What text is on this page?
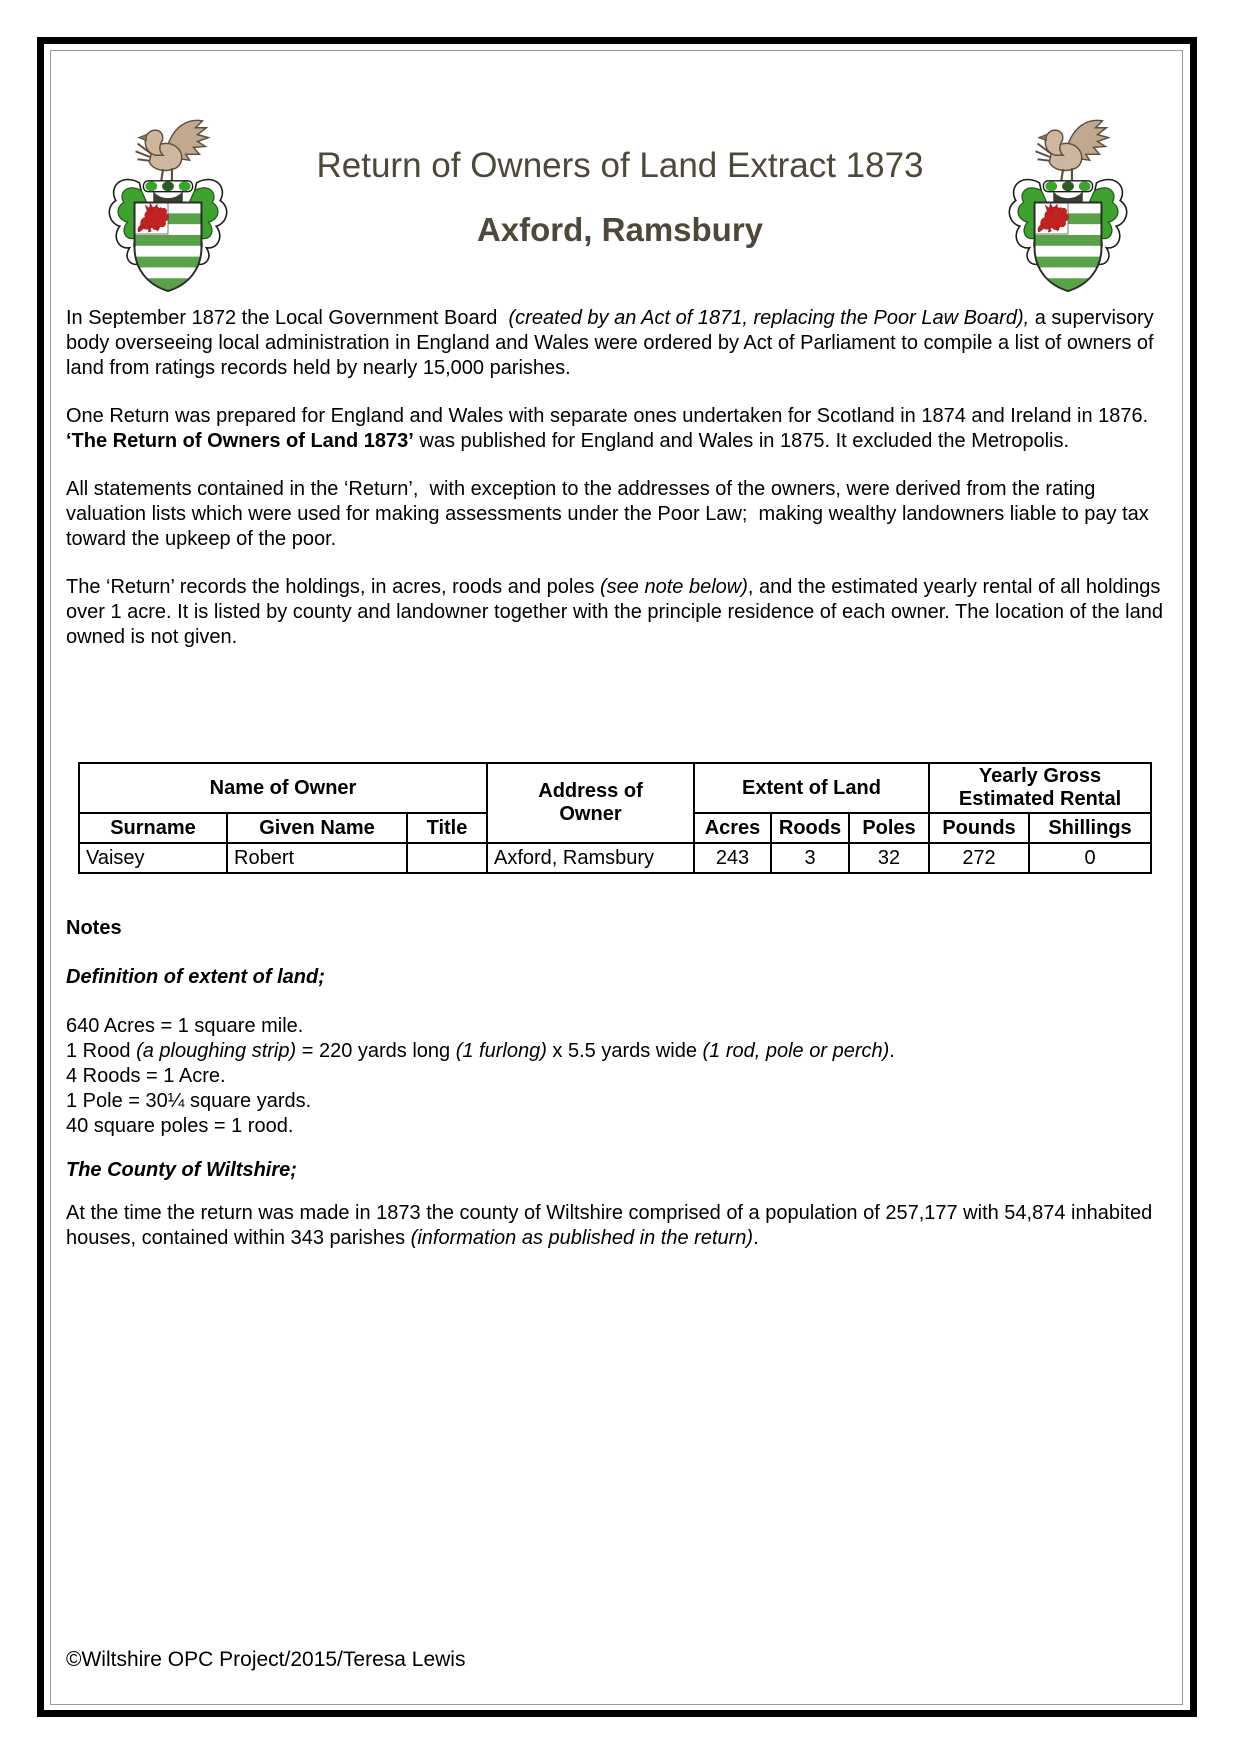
Return of Owners of Land Extract 1873
Axford, Ramsbury

In September 1872 the Local Government Board  (created by an Act of 1871, replacing the Poor Law Board), a supervisory body overseeing local administration in England and Wales were ordered by Act of Parliament to compile a list of owners of land from ratings records held by nearly 15,000 parishes.

One Return was prepared for England and Wales with separate ones undertaken for Scotland in 1874 and Ireland in 1876.  ‘The Return of Owners of Land 1873’ was published for England and Wales in 1875. It excluded the Metropolis.

All statements contained in the ‘Return’,  with exception to the addresses of the owners, were derived from the rating valuation lists which were used for making assessments under the Poor Law;  making wealthy landowners liable to pay tax toward the upkeep of the poor.

The ‘Return’ records the holdings, in acres, roods and poles (see note below), and the estimated yearly rental of all holdings over 1 acre. It is listed by county and landowner together with the principle residence of each owner. The location of the land owned is not given.

Name of Owner			Address of Owner	Extent of Land			Yearly Gross Estimated Rental	
Surname	Given Name	Title		Acres	Roods	Poles	Pounds	Shillings
Vaisey	Robert		Axford, Ramsbury	243	3	32	272	0
Notes
Definition of extent of land;
640 Acres = 1 square mile.
1 Rood (a ploughing strip) = 220 yards long (1 furlong) x 5.5 yards wide (1 rod, pole or perch).
4 Roods = 1 Acre.
1 Pole = 30¼ square yards.
40 square poles = 1 rood.
The County of Wiltshire;

At the time the return was made in 1873 the county of Wiltshire comprised of a population of 257,177 with 54,874 inhabited houses, contained within 343 parishes (information as published in the return).

©Wiltshire OPC Project/2015/Teresa Lewis
